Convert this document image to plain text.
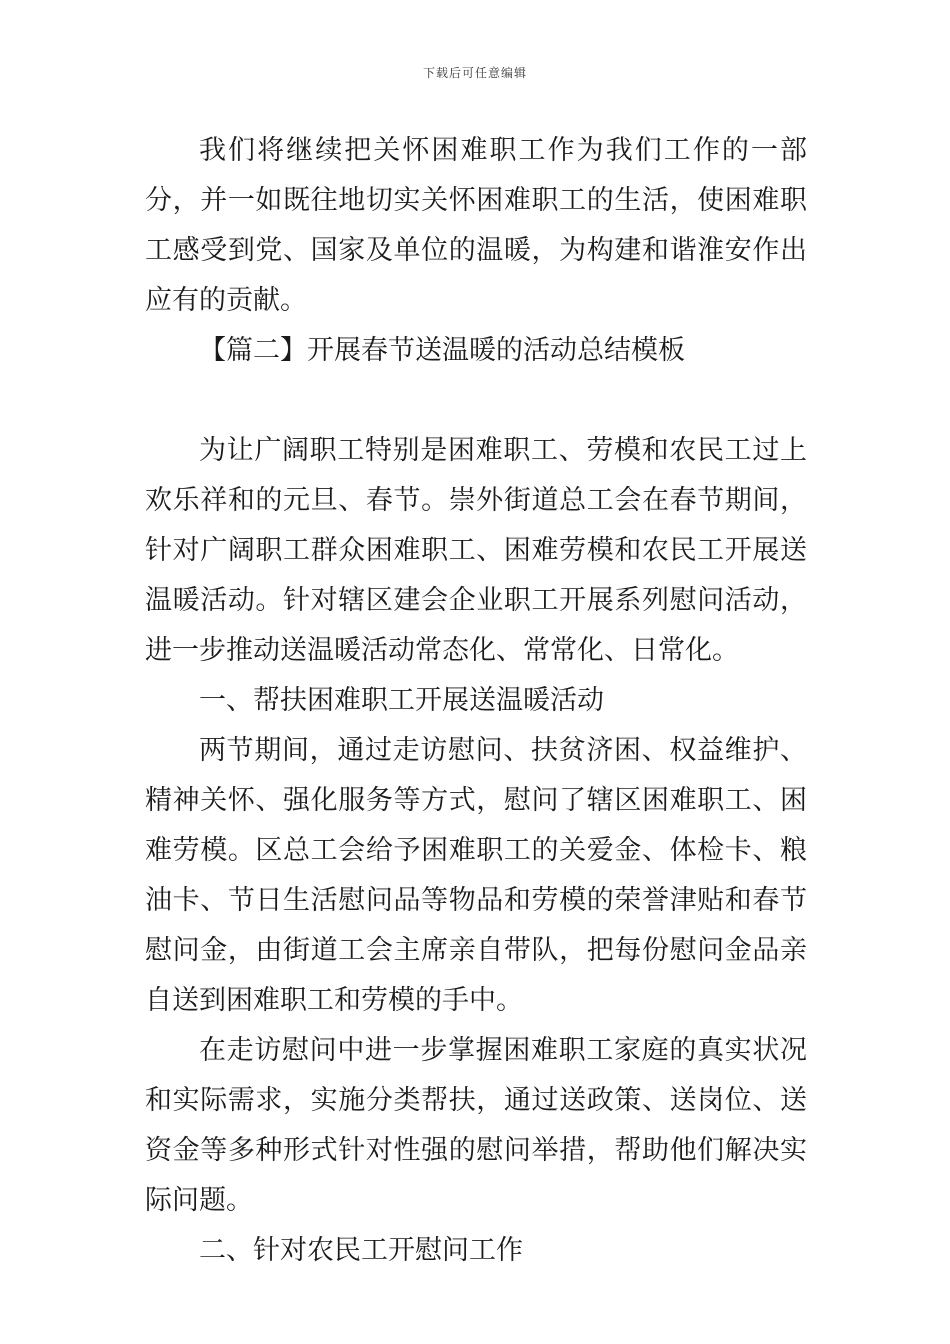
下载后可任意编辑

我们将继续把关怀困难职工作为我们工作的一部分，并一如既往地切实关怀困难职工的生活，使困难职工感受到党、国家及单位的温暖，为构建和谐淮安作出应有的贡献。

【篇二】开展春节送温暖的活动总结模板

为让广阔职工特别是困难职工、劳模和农民工过上欢乐祥和的元旦、春节。崇外街道总工会在春节期间，针对广阔职工群众困难职工、困难劳模和农民工开展送温暖活动。针对辖区建会企业职工开展系列慰问活动，进一步推动送温暖活动常态化、常常化、日常化。

一、帮扶困难职工开展送温暖活动

两节期间，通过走访慰问、扶贫济困、权益维护、精神关怀、强化服务等方式，慰问了辖区困难职工、困难劳模。区总工会给予困难职工的关爱金、体检卡、粮油卡、节日生活慰问品等物品和劳模的荣誉津贴和春节慰问金，由街道工会主席亲自带队，把每份慰问金品亲自送到困难职工和劳模的手中。

在走访慰问中进一步掌握困难职工家庭的真实状况和实际需求，实施分类帮扶，通过送政策、送岗位、送资金等多种形式针对性强的慰问举措，帮助他们解决实际问题。

二、针对农民工开慰问工作
